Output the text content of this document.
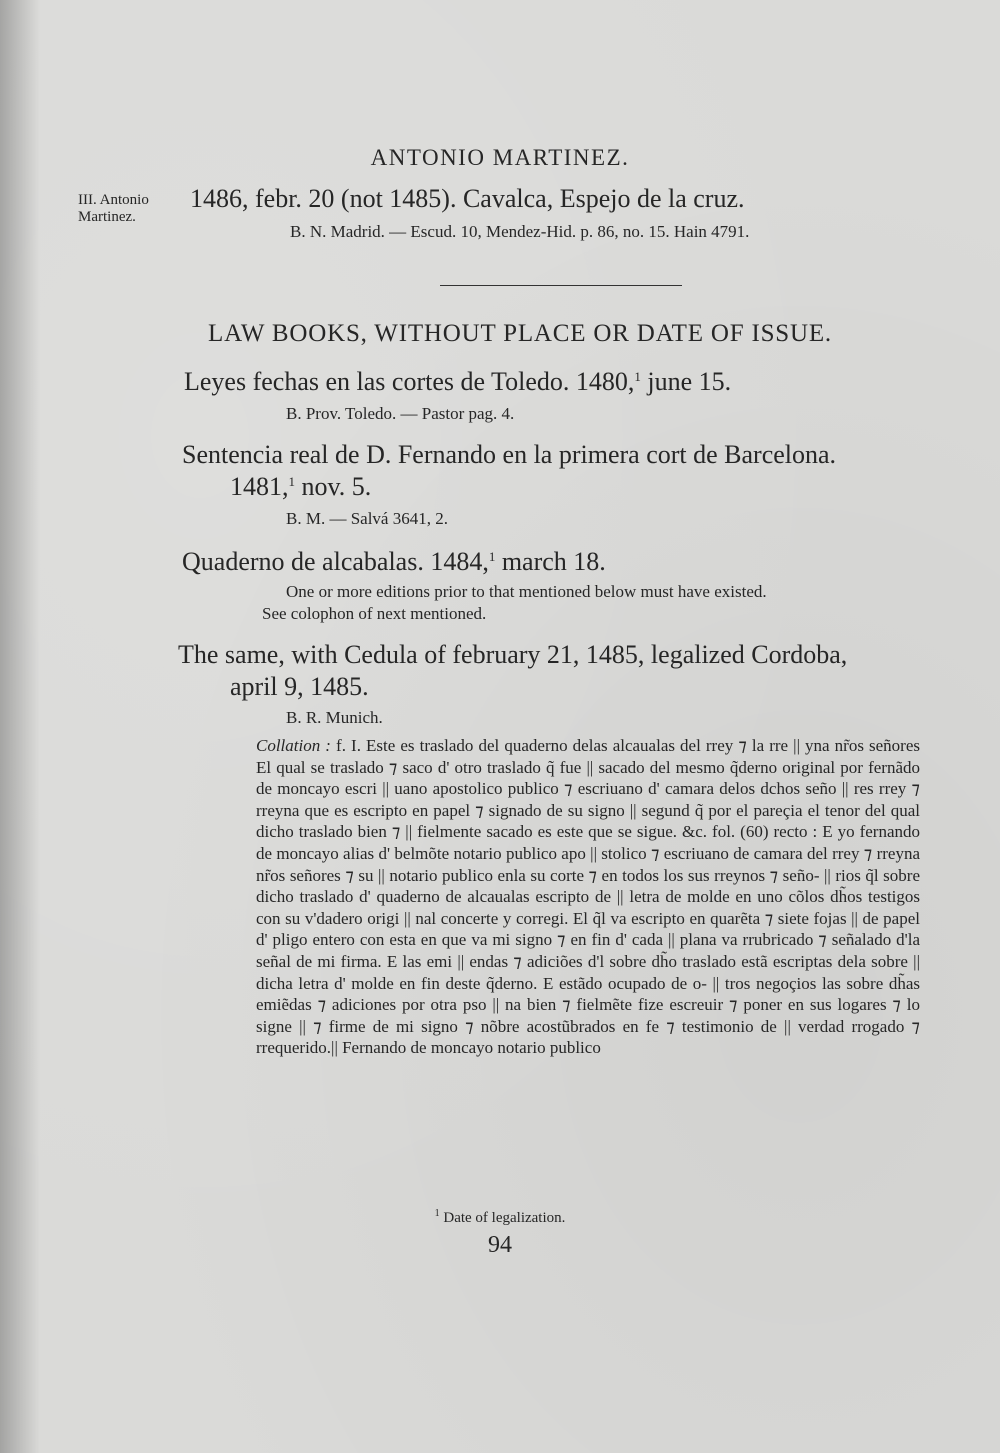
ANTONIO MARTINEZ.
III. Antonio Martinez.
1486, febr. 20 (not 1485). Cavalca, Espejo de la cruz.
B. N. Madrid. — Escud. 10, Mendez-Hid. p. 86, no. 15. Hain 4791.
LAW BOOKS, WITHOUT PLACE OR DATE OF ISSUE.
Leyes fechas en las cortes de Toledo. 1480,$^1$ june 15.
B. Prov. Toledo. — Pastor pag. 4.
Sentencia real de D. Fernando en la primera cort de Barcelona.
1481,$^1$ nov. 5.
B. M. — Salvá 3641, 2.
Quaderno de alcabalas. 1484,$^1$ march 18.
One or more editions prior to that mentioned below must have existed.
See colophon of next mentioned.
The same, with Cedula of february 21, 1485, legalized Cordoba,
april 9, 1485.
B. R. Munich.
Collation : f. I. Este es traslado del quaderno delas alcaualas del rrey ⁊ la rre || yna nr̃os señores El qual se traslado ⁊ saco d' otro traslado q̃ fue || sacado del mesmo q̃derno original por fernãdo de moncayo escri || uano apostolico publico ⁊ escriuano d' camara delos dchos seño || res rrey ⁊ rreyna que es escripto en papel ⁊ signado de su signo || segund q̃ por el pareçia el tenor del qual dicho traslado bien ⁊ || fielmente sacado es este que se sigue. &c. fol. (60) recto : E yo fernando de moncayo alias d' belmõte notario publico apo || stolico ⁊ escriuano de camara del rrey ⁊ rreyna nr̃os señores ⁊ su || notario publico enla su corte ⁊ en todos los sus rreynos ⁊ seño- || rios q̃l sobre dicho traslado d' quaderno de alcaualas escripto de || letra de molde en uno cõlos dh̃os testigos con su v'dadero origi || nal concerte y corregi. El q̃l va escripto en quarẽta ⁊ siete fojas || de papel d' pligo entero con esta en que va mi signo ⁊ en fin d' cada || plana va rrubricado ⁊ señalado d'la señal de mi firma. E las emi || endas ⁊ adiciões d'l sobre dh̃o traslado estã escriptas dela sobre || dicha letra d' molde en fin deste q̃derno. E estãdo ocupado de o- || tros negoçios las sobre dh̃as emiẽdas ⁊ adiciones por otra pso || na bien ⁊ fielmẽte fize escreuir ⁊ poner en sus logares ⁊ lo signe || ⁊ firme de mi signo ⁊ nõbre acostũbrados en fe ⁊ testimonio de || verdad rrogado ⁊ rrequerido.|| Fernando de moncayo notario publico
$^1$ Date of legalization.
94
